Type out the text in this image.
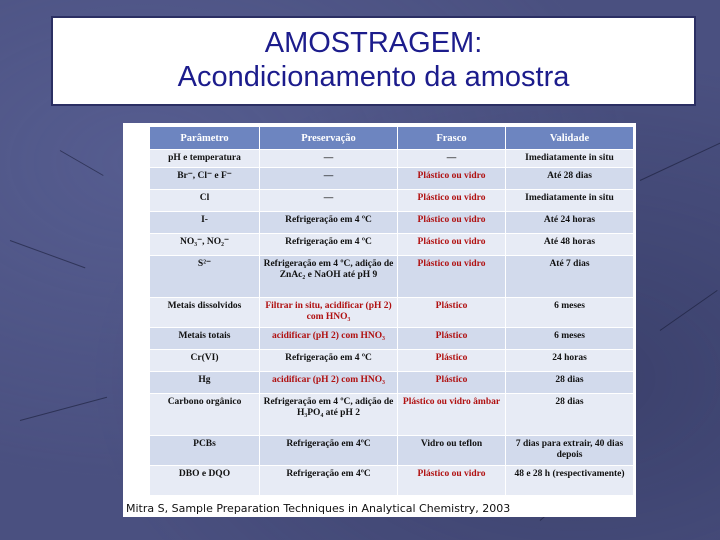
AMOSTRAGEM:
Acondicionamento da amostra
Parâmetro	Preservação	Frasco	Validade
pH e temperatura	—	—	Imediatamente in situ
Br⁻, Cl⁻ e F⁻	—	Plástico ou vidro	Até 28 dias
Cl	—	Plástico ou vidro	Imediatamente in situ
I-	Refrigeração em 4 ºC	Plástico ou vidro	Até 24 horas
NO₃⁻, NO₂⁻	Refrigeração em 4 ºC	Plástico ou vidro	Até 48 horas
S²⁻	Refrigeração em 4 ºC, adição de ZnAc₂ e NaOH até pH 9	Plástico ou vidro	Até 7 dias
Metais dissolvidos	Filtrar in situ, acidificar (pH 2) com HNO₃	Plástico	6 meses
Metais totais	acidificar (pH 2) com HNO₃	Plástico	6 meses
Cr(VI)	Refrigeração em 4 ºC	Plástico	24 horas
Hg	acidificar (pH 2) com HNO₃	Plástico	28 dias
Carbono orgânico	Refrigeração em 4 ºC, adição de H₃PO₄ até pH 2	Plástico ou vidro âmbar	28 dias
PCBs	Refrigeração em 4ºC	Vidro ou teflon	7 dias para extrair, 40 dias depois
DBO e DQO	Refrigeração em 4ºC	Plástico ou vidro	48 e 28 h (respectivamente)
Mitra S, Sample Preparation Techniques in Analytical Chemistry, 2003
